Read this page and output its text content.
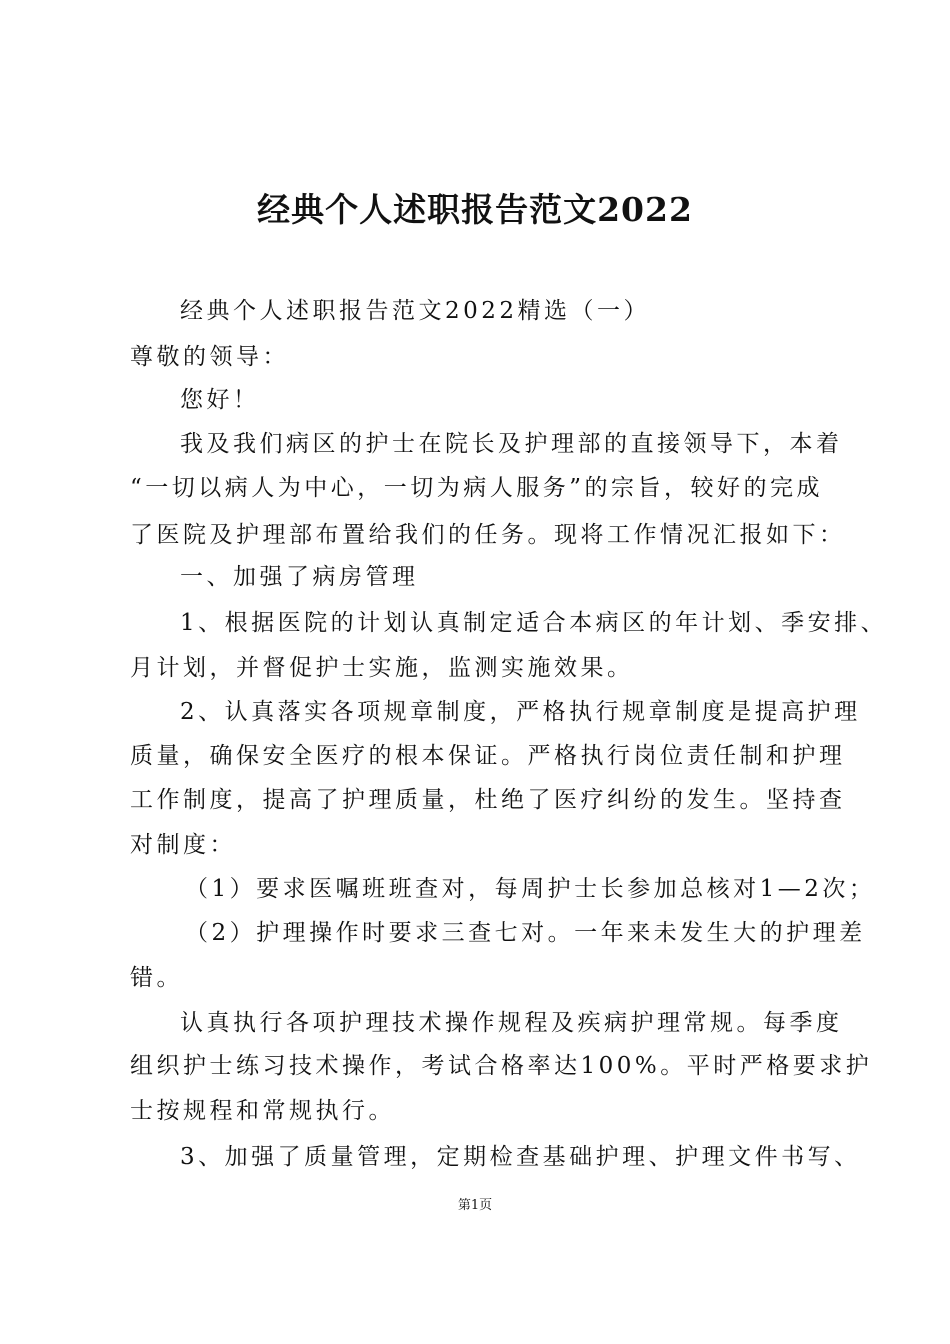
经典个人述职报告范文2022
经典个人述职报告范文2022精选（一）
尊敬的领导：
您好！
我及我们病区的护士在院长及护理部的直接领导下，本着
“一切以病人为中心，一切为病人服务”的宗旨，较好的完成
了医院及护理部布置给我们的任务。现将工作情况汇报如下：
一、加强了病房管理
1、根据医院的计划认真制定适合本病区的年计划、季安排、
月计划，并督促护士实施，监测实施效果。
2、认真落实各项规章制度，严格执行规章制度是提高护理
质量，确保安全医疗的根本保证。严格执行岗位责任制和护理
工作制度，提高了护理质量，杜绝了医疗纠纷的发生。坚持查
对制度：
（1）要求医嘱班班查对，每周护士长参加总核对1—2次；
（2）护理操作时要求三查七对。一年来未发生大的护理差
错。
认真执行各项护理技术操作规程及疾病护理常规。每季度
组织护士练习技术操作，考试合格率达100%。平时严格要求护
士按规程和常规执行。
3、加强了质量管理，定期检查基础护理、护理文件书写、
第1页
